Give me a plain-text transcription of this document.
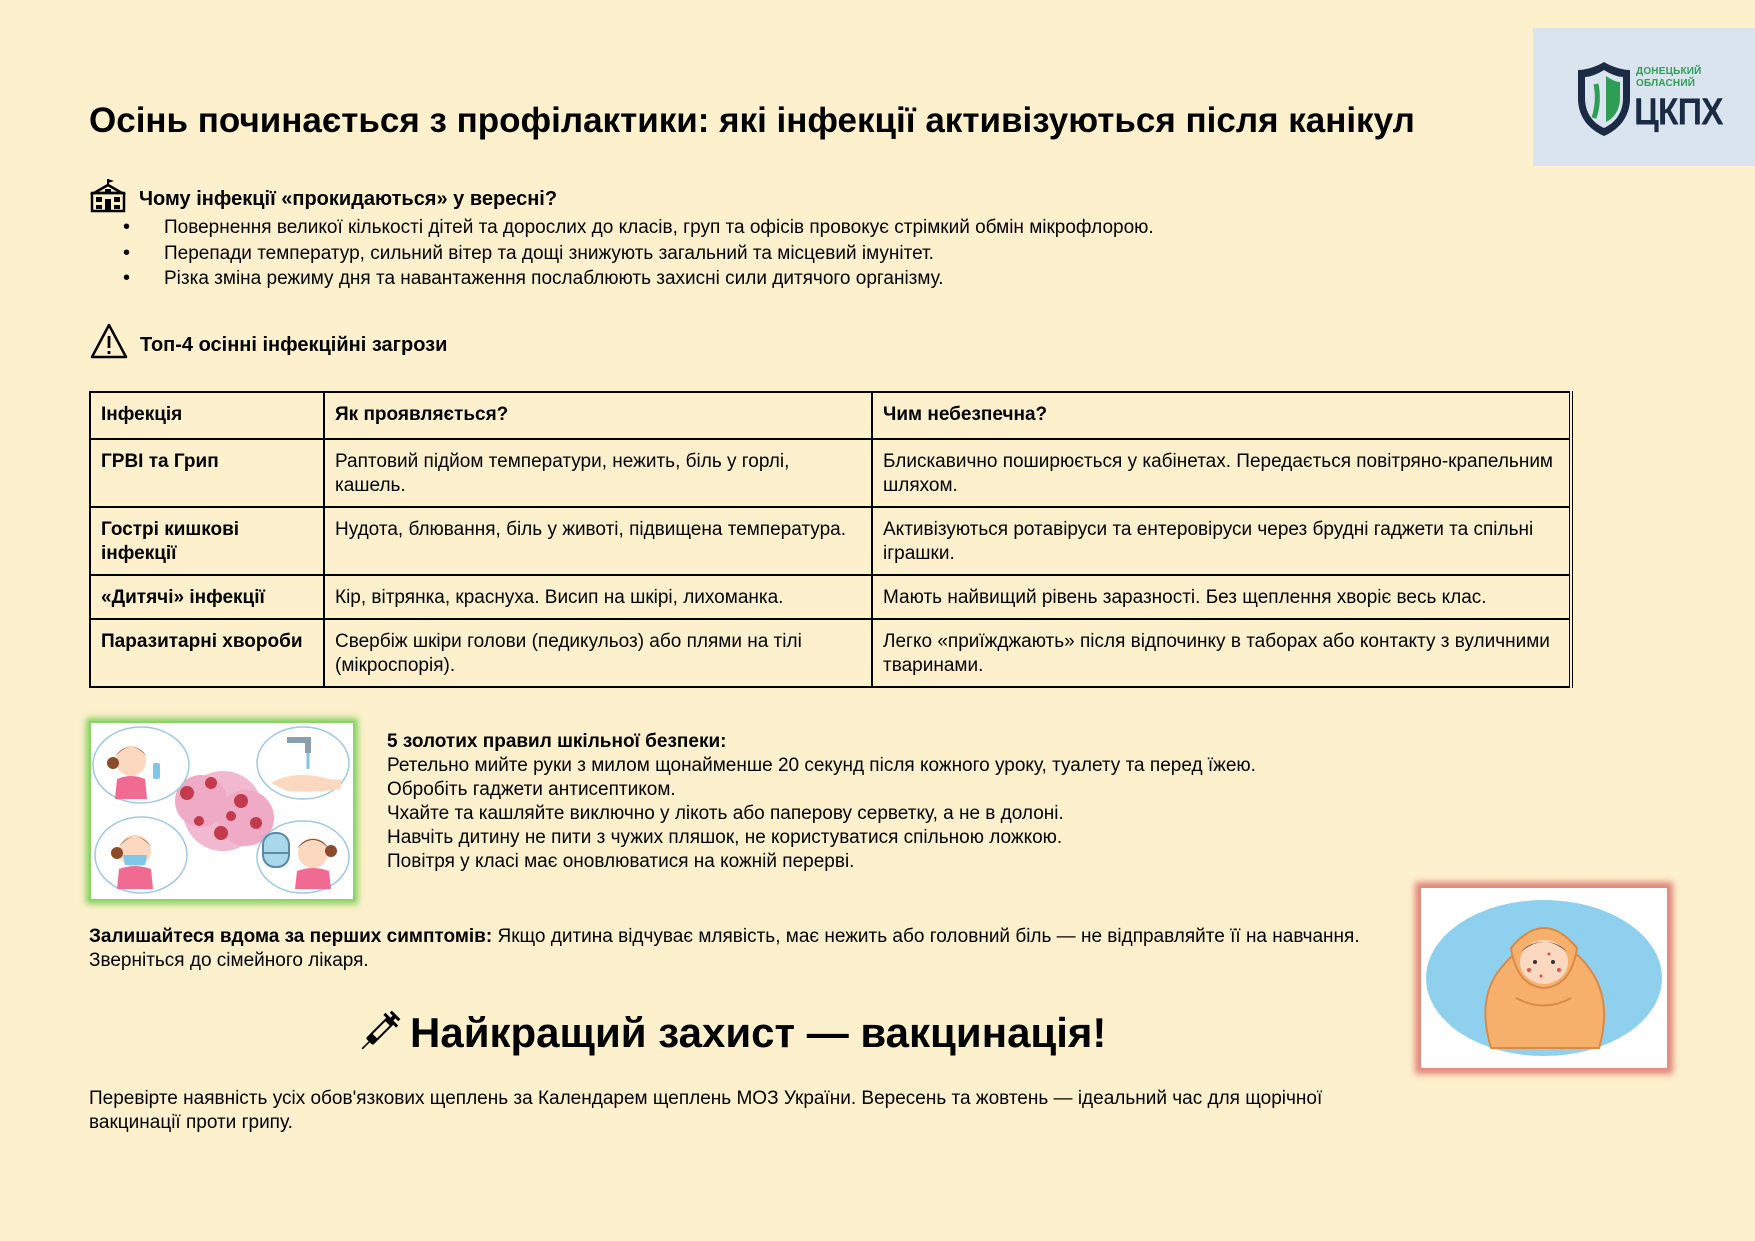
ДОНЕЦЬКИЙ
ОБЛАСНИЙ
ЦКПХ
Осінь починається з профілактики: які інфекції активізуються після канікул
Чому інфекції «прокидаються» у вересні?
• Повернення великої кількості дітей та дорослих до класів, груп та офісів провокує стрімкий обмін мікрофлорою.
• Перепади температур, сильний вітер та дощі знижують загальний та місцевий імунітет.
• Різка зміна режиму дня та навантаження послаблюють захисні сили дитячого організму.
Топ-4 осінні інфекційні загрози
Інфекція	Як проявляється?	Чим небезпечна?
ГРВІ та Грип	Раптовий підйом температури, нежить, біль у горлі, кашель.	Блискавично поширюється у кабінетах. Передається повітряно-крапельним шляхом.
Гострі кишкові інфекції	Нудота, блювання, біль у животі, підвищена температура.	Активізуються ротавіруси та ентеровіруси через брудні гаджети та спільні іграшки.
«Дитячі» інфекції	Кір, вітрянка, краснуха. Висип на шкірі, лихоманка.	Мають найвищий рівень заразності. Без щеплення хворіє весь клас.
Паразитарні хвороби	Свербіж шкіри голови (педикульоз) або плями на тілі (мікроспорія).	Легко «приїжджають» після відпочинку в таборах або контакту з вуличними тваринами.
5 золотих правил шкільної безпеки:
Ретельно мийте руки з милом щонайменше 20 секунд після кожного уроку, туалету та перед їжею.
Обробіть гаджети антисептиком.
Чхайте та кашляйте виключно у лікоть або паперову серветку, а не в долоні.
Навчіть дитину не пити з чужих пляшок, не користуватися спільною ложкою.
Повітря у класі має оновлюватися на кожній перерві.
Залишайтеся вдома за перших симптомів: Якщо дитина відчуває млявість, має нежить або головний біль — не відправляйте її на навчання. Зверніться до сімейного лікаря.
Найкращий захист — вакцинація!
Перевірте наявність усіх обов'язкових щеплень за Календарем щеплень МОЗ України. Вересень та жовтень — ідеальний час для щорічної вакцинації проти грипу.
